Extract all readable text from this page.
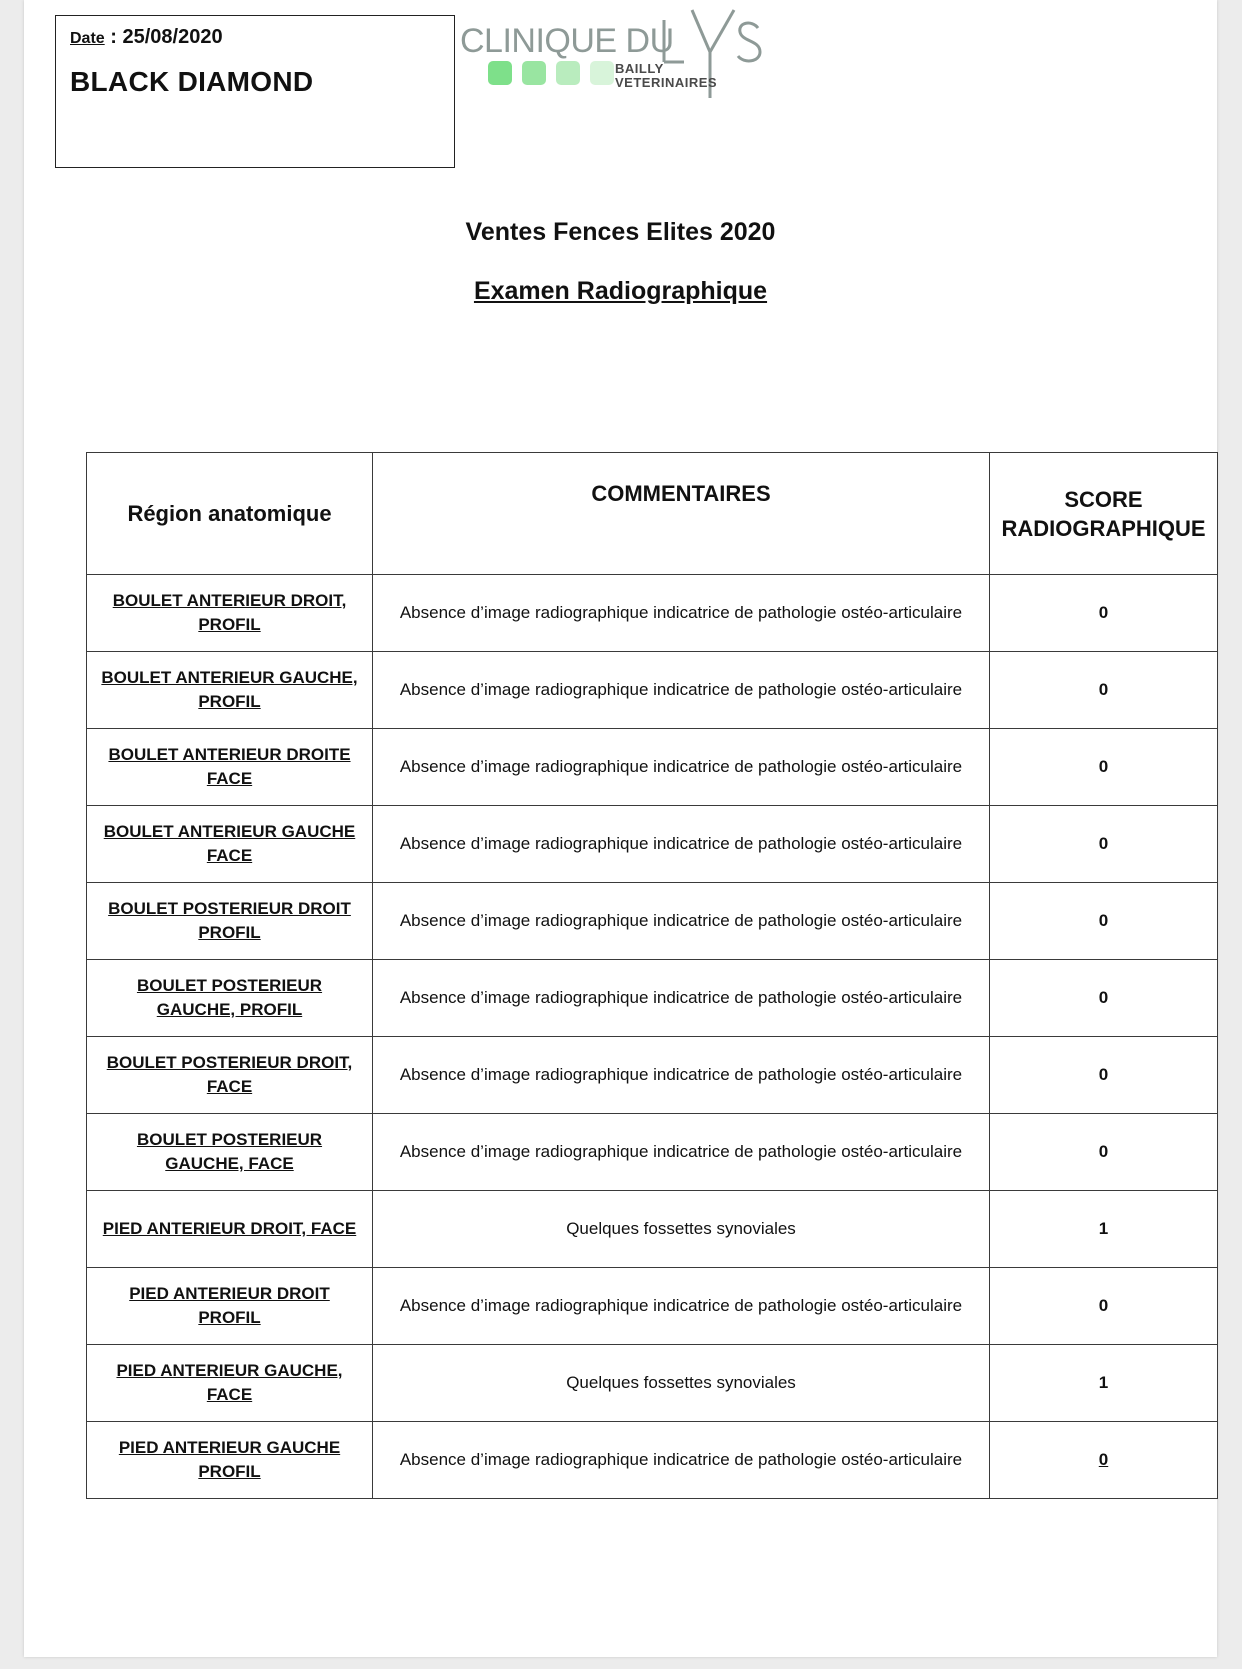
Date : 25/08/2020
BLACK DIAMOND
CLINIQUE DU
BAILLY
VETERINAIRES
Ventes Fences Elites 2020
Examen Radiographique
Région anatomique	COMMENTAIRES	SCORE
RADIOGRAPHIQUE

BOULET ANTERIEUR DROIT, PROFIL	Absence d’image radiographique indicatrice de pathologie ostéo-articulaire	0
BOULET ANTERIEUR GAUCHE, PROFIL	Absence d’image radiographique indicatrice de pathologie ostéo-articulaire	0
BOULET ANTERIEUR DROITE FACE	Absence d’image radiographique indicatrice de pathologie ostéo-articulaire	0
BOULET ANTERIEUR GAUCHE FACE	Absence d’image radiographique indicatrice de pathologie ostéo-articulaire	0
BOULET POSTERIEUR DROIT PROFIL	Absence d’image radiographique indicatrice de pathologie ostéo-articulaire	0
BOULET POSTERIEUR GAUCHE, PROFIL	Absence d’image radiographique indicatrice de pathologie ostéo-articulaire	0
BOULET POSTERIEUR DROIT, FACE	Absence d’image radiographique indicatrice de pathologie ostéo-articulaire	0
BOULET POSTERIEUR GAUCHE, FACE	Absence d’image radiographique indicatrice de pathologie ostéo-articulaire	0
PIED ANTERIEUR DROIT, FACE	Quelques fossettes synoviales	1
PIED ANTERIEUR DROIT PROFIL	Absence d’image radiographique indicatrice de pathologie ostéo-articulaire	0
PIED ANTERIEUR GAUCHE, FACE	Quelques fossettes synoviales	1
PIED ANTERIEUR GAUCHE PROFIL	Absence d’image radiographique indicatrice de pathologie ostéo-articulaire	0
